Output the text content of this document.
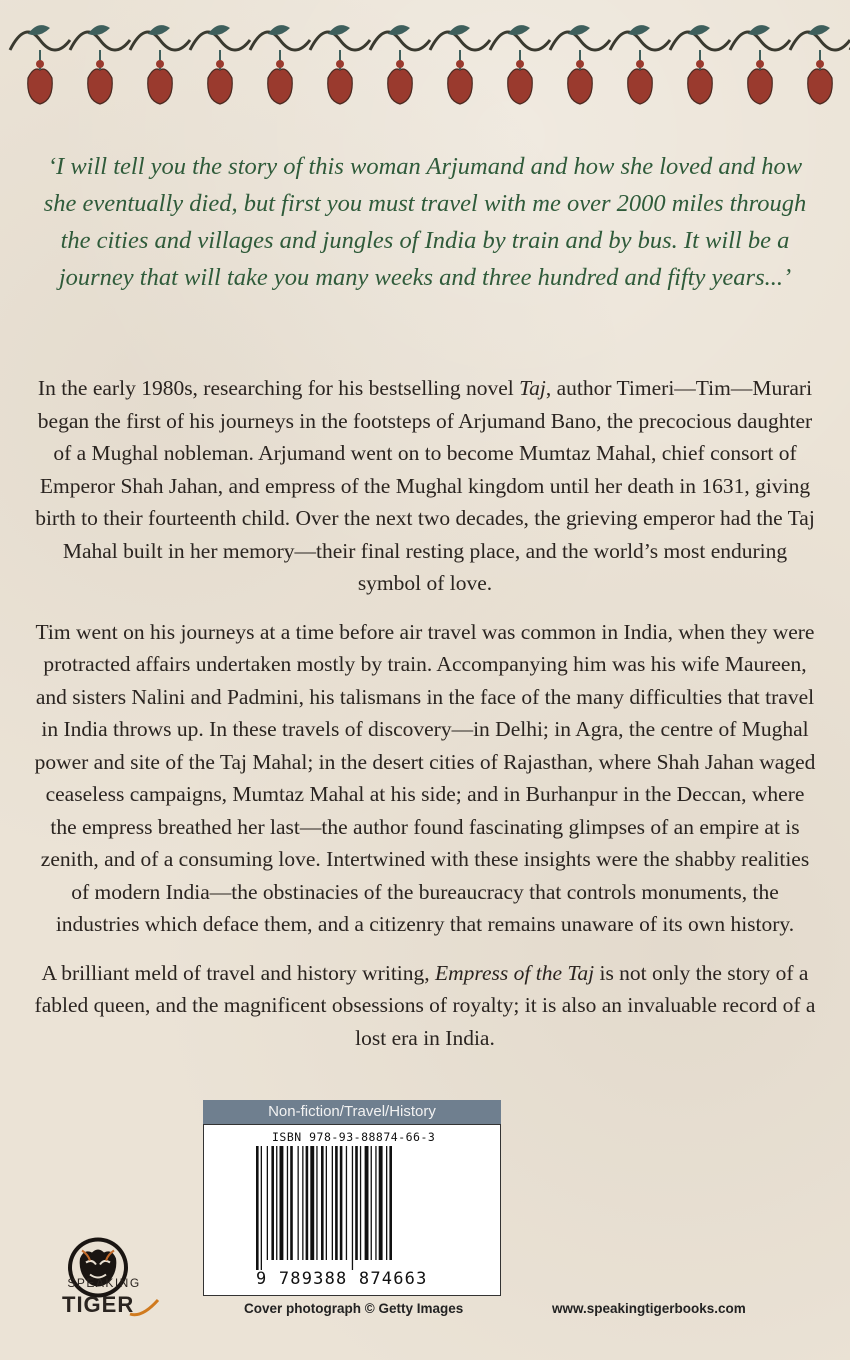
‘I will tell you the story of this woman Arjumand and how she loved and how she eventually died, but first you must travel with me over 2000 miles through the cities and villages and jungles of India by train and by bus. It will be a journey that will take you many weeks and three hundred and fifty years...’

In the early 1980s, researching for his bestselling novel Taj, author Timeri—Tim—Murari began the first of his journeys in the footsteps of Arjumand Bano, the precocious daughter of a Mughal nobleman. Arjumand went on to become Mumtaz Mahal, chief consort of Emperor Shah Jahan, and empress of the Mughal kingdom until her death in 1631, giving birth to their fourteenth child. Over the next two decades, the grieving emperor had the Taj Mahal built in her memory—their final resting place, and the world’s most enduring symbol of love.

Tim went on his journeys at a time before air travel was common in India, when they were protracted affairs undertaken mostly by train. Accompanying him was his wife Maureen, and sisters Nalini and Padmini, his talismans in the face of the many difficulties that travel in India throws up. In these travels of discovery—in Delhi; in Agra, the centre of Mughal power and site of the Taj Mahal; in the desert cities of Rajasthan, where Shah Jahan waged ceaseless campaigns, Mumtaz Mahal at his side; and in Burhanpur in the Deccan, where the empress breathed her last—the author found fascinating glimpses of an empire at is zenith, and of a consuming love. Intertwined with these insights were the shabby realities of modern India—the obstinacies of the bureaucracy that controls monuments, the industries which deface them, and a citizenry that remains unaware of its own history.

A brilliant meld of travel and history writing, Empress of the Taj is not only the story of a fabled queen, and the magnificent obsessions of royalty; it is also an invaluable record of a lost era in India.

Non-fiction/Travel/History
ISBN 978-93-88874-66-3
9 789388 874663
SPEAKING
TIGER	Cover photograph © Getty Images	www.speakingtigerbooks.com
